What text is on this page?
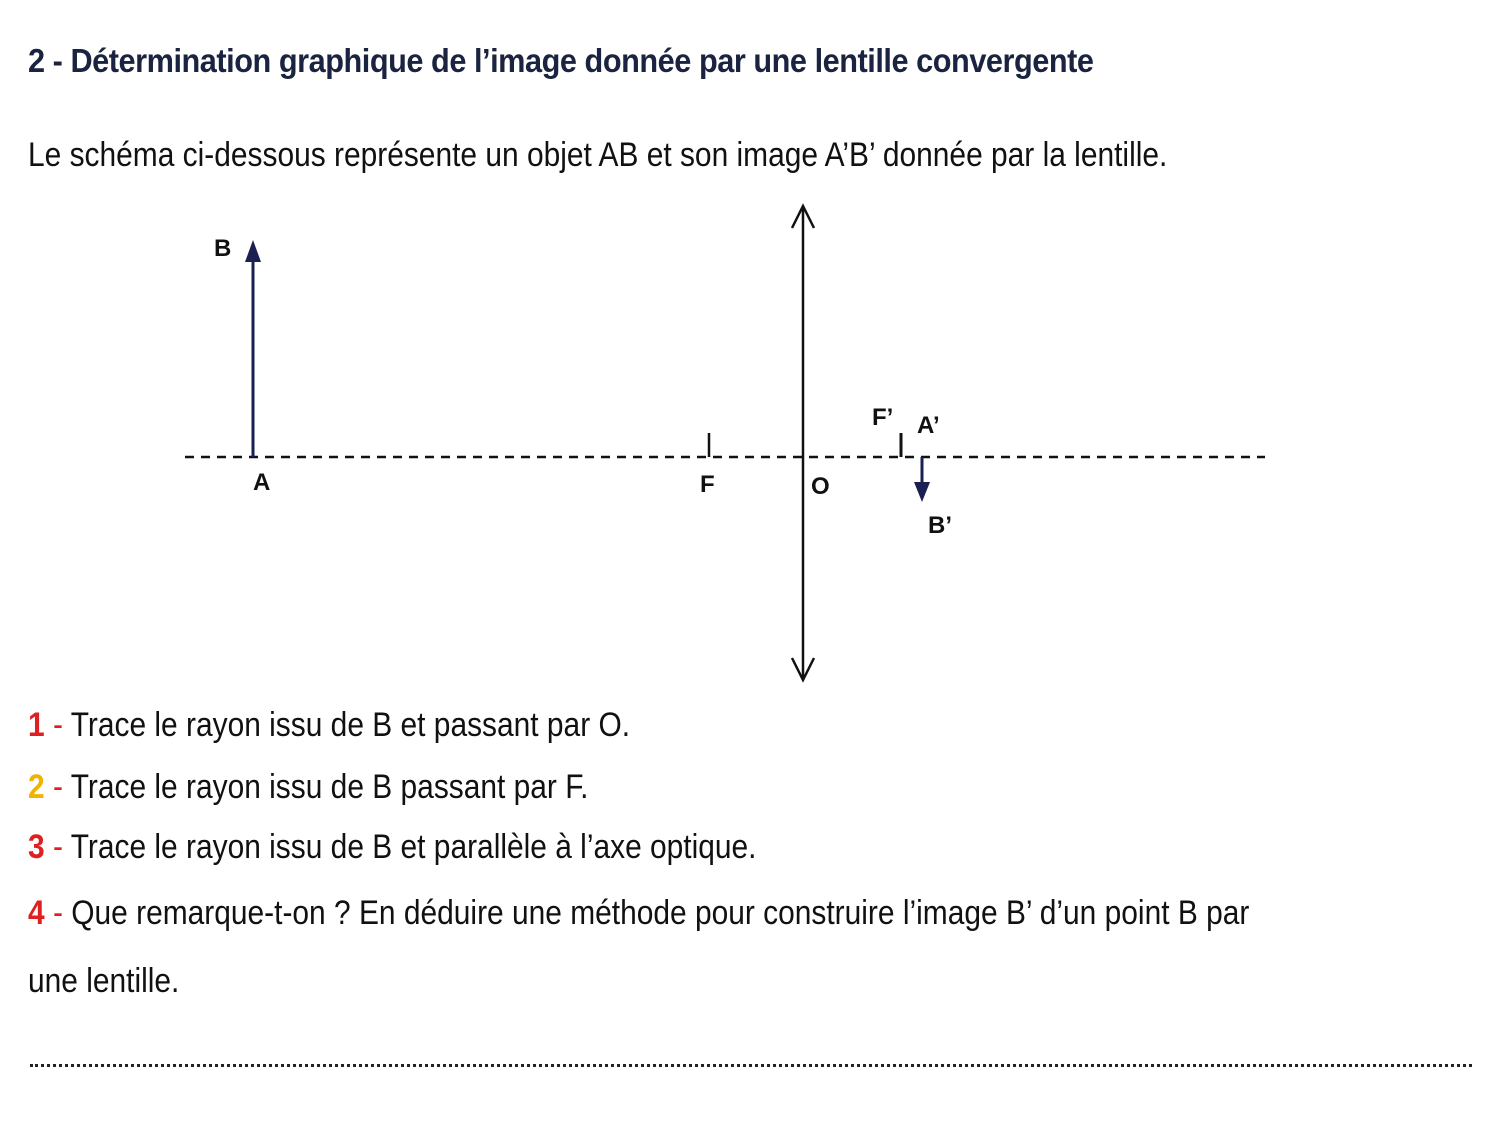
2 - Détermination graphique de l’image donnée par une lentille convergente

Le schéma ci-dessous représente un objet AB et son image A’B’ donnée par la lentille.

B
A	F	O
F’ A’
B’

1 - Trace le rayon issu de B et passant par O.

2 - Trace le rayon issu de B passant par F.

3 - Trace le rayon issu de B et parallèle à l’axe optique.

4 - Que remarque-t-on ? En déduire une méthode pour construire l’image B’ d’un point B par

une lentille.
